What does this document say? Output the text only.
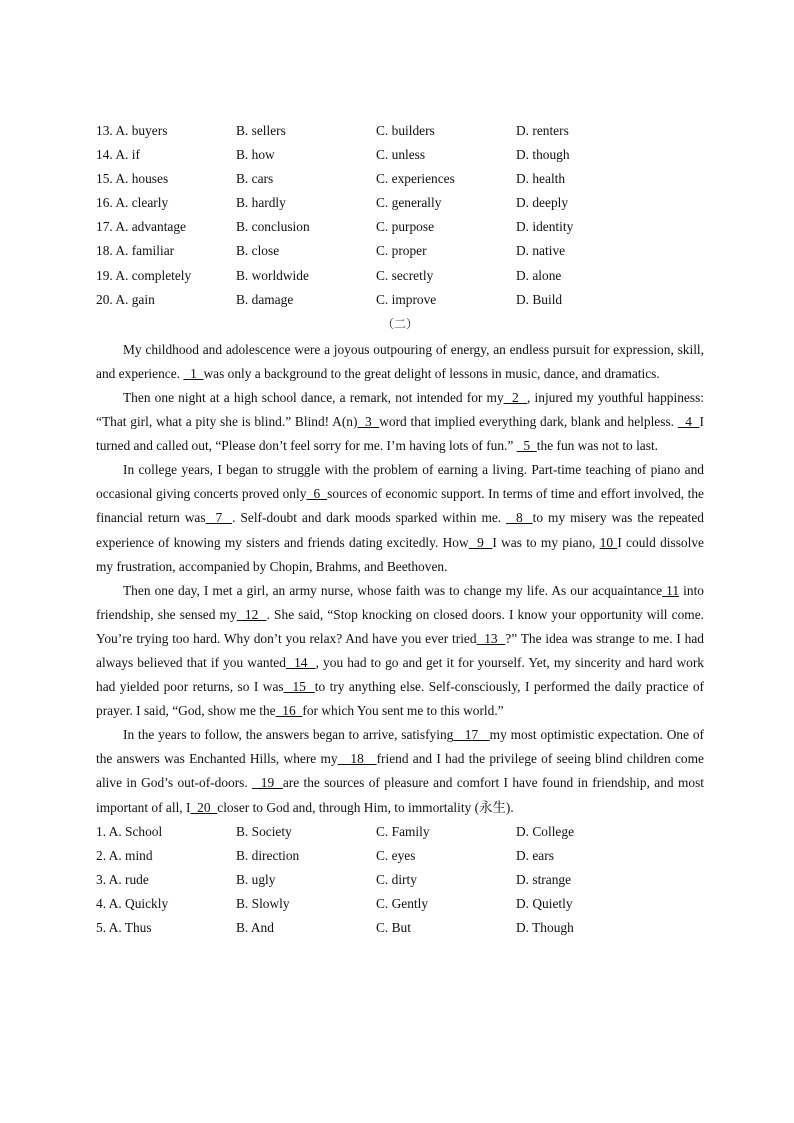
13. A. buyers	B. sellers	C. builders	D. renters
14. A. if	B. how	C. unless	D. though
15. A. houses	B. cars	C. experiences	D. health
16. A. clearly	B. hardly	C. generally	D. deeply
17. A. advantage	B. conclusion	C. purpose	D. identity
18. A. familiar	B. close	C. proper	D. native
19. A. completely	B. worldwide	C. secretly	D. alone
20. A. gain	B. damage	C. improve	D. Build
（二）

My childhood and adolescence were a joyous outpouring of energy, an endless pursuit for expression, skill, and experience.   1  was only a background to the great delight of lessons in music, dance, and dramatics.

Then one night at a high school dance, a remark, not intended for my  2  , injured my youthful happiness: “That girl, what a pity she is blind.” Blind! A(n)  3  word that implied everything dark, blank and helpless.   4  I turned and called out, “Please don’t feel sorry for me. I’m having lots of fun.”   5  the fun was not to last.

In college years, I began to struggle with the problem of earning a living. Part-time teaching of piano and occasional giving concerts proved only  6  sources of economic support. In terms of time and effort involved, the financial return was  7  . Self-doubt and dark moods sparked within me.   8  to my misery was the repeated experience of knowing my sisters and friends dating excitedly. How  9  I was to my piano, 10 I could dissolve my frustration, accompanied by Chopin, Brahms, and Beethoven.

Then one day, I met a girl, an army nurse, whose faith was to change my life. As our acquaintance 11 into friendship, she sensed my  12  . She said, “Stop knocking on closed doors. I know your opportunity will come. You’re trying too hard. Why don’t you relax? And have you ever tried  13  ?” The idea was strange to me. I had always believed that if you wanted  14  , you had to go and get it for yourself. Yet, my sincerity and hard work had yielded poor returns, so I was  15  to try anything else. Self-consciously, I performed the daily practice of prayer. I said, “God, show me the  16  for which You sent me to this world.”

In the years to follow, the answers began to arrive, satisfying   17   my most optimistic expectation. One of the answers was Enchanted Hills, where my   18   friend and I had the privilege of seeing blind children come alive in God’s out-of-doors.   19  are the sources of pleasure and comfort I have found in friendship, and most important of all, I  20  closer to God and, through Him, to immortality (永生).

1. A. School	B. Society	C. Family	D. College
2. A. mind	B. direction	C. eyes	D. ears
3. A. rude	B. ugly	C. dirty	D. strange
4. A. Quickly	B. Slowly	C. Gently	D. Quietly
5. A. Thus	B. And	C. But	D. Though
